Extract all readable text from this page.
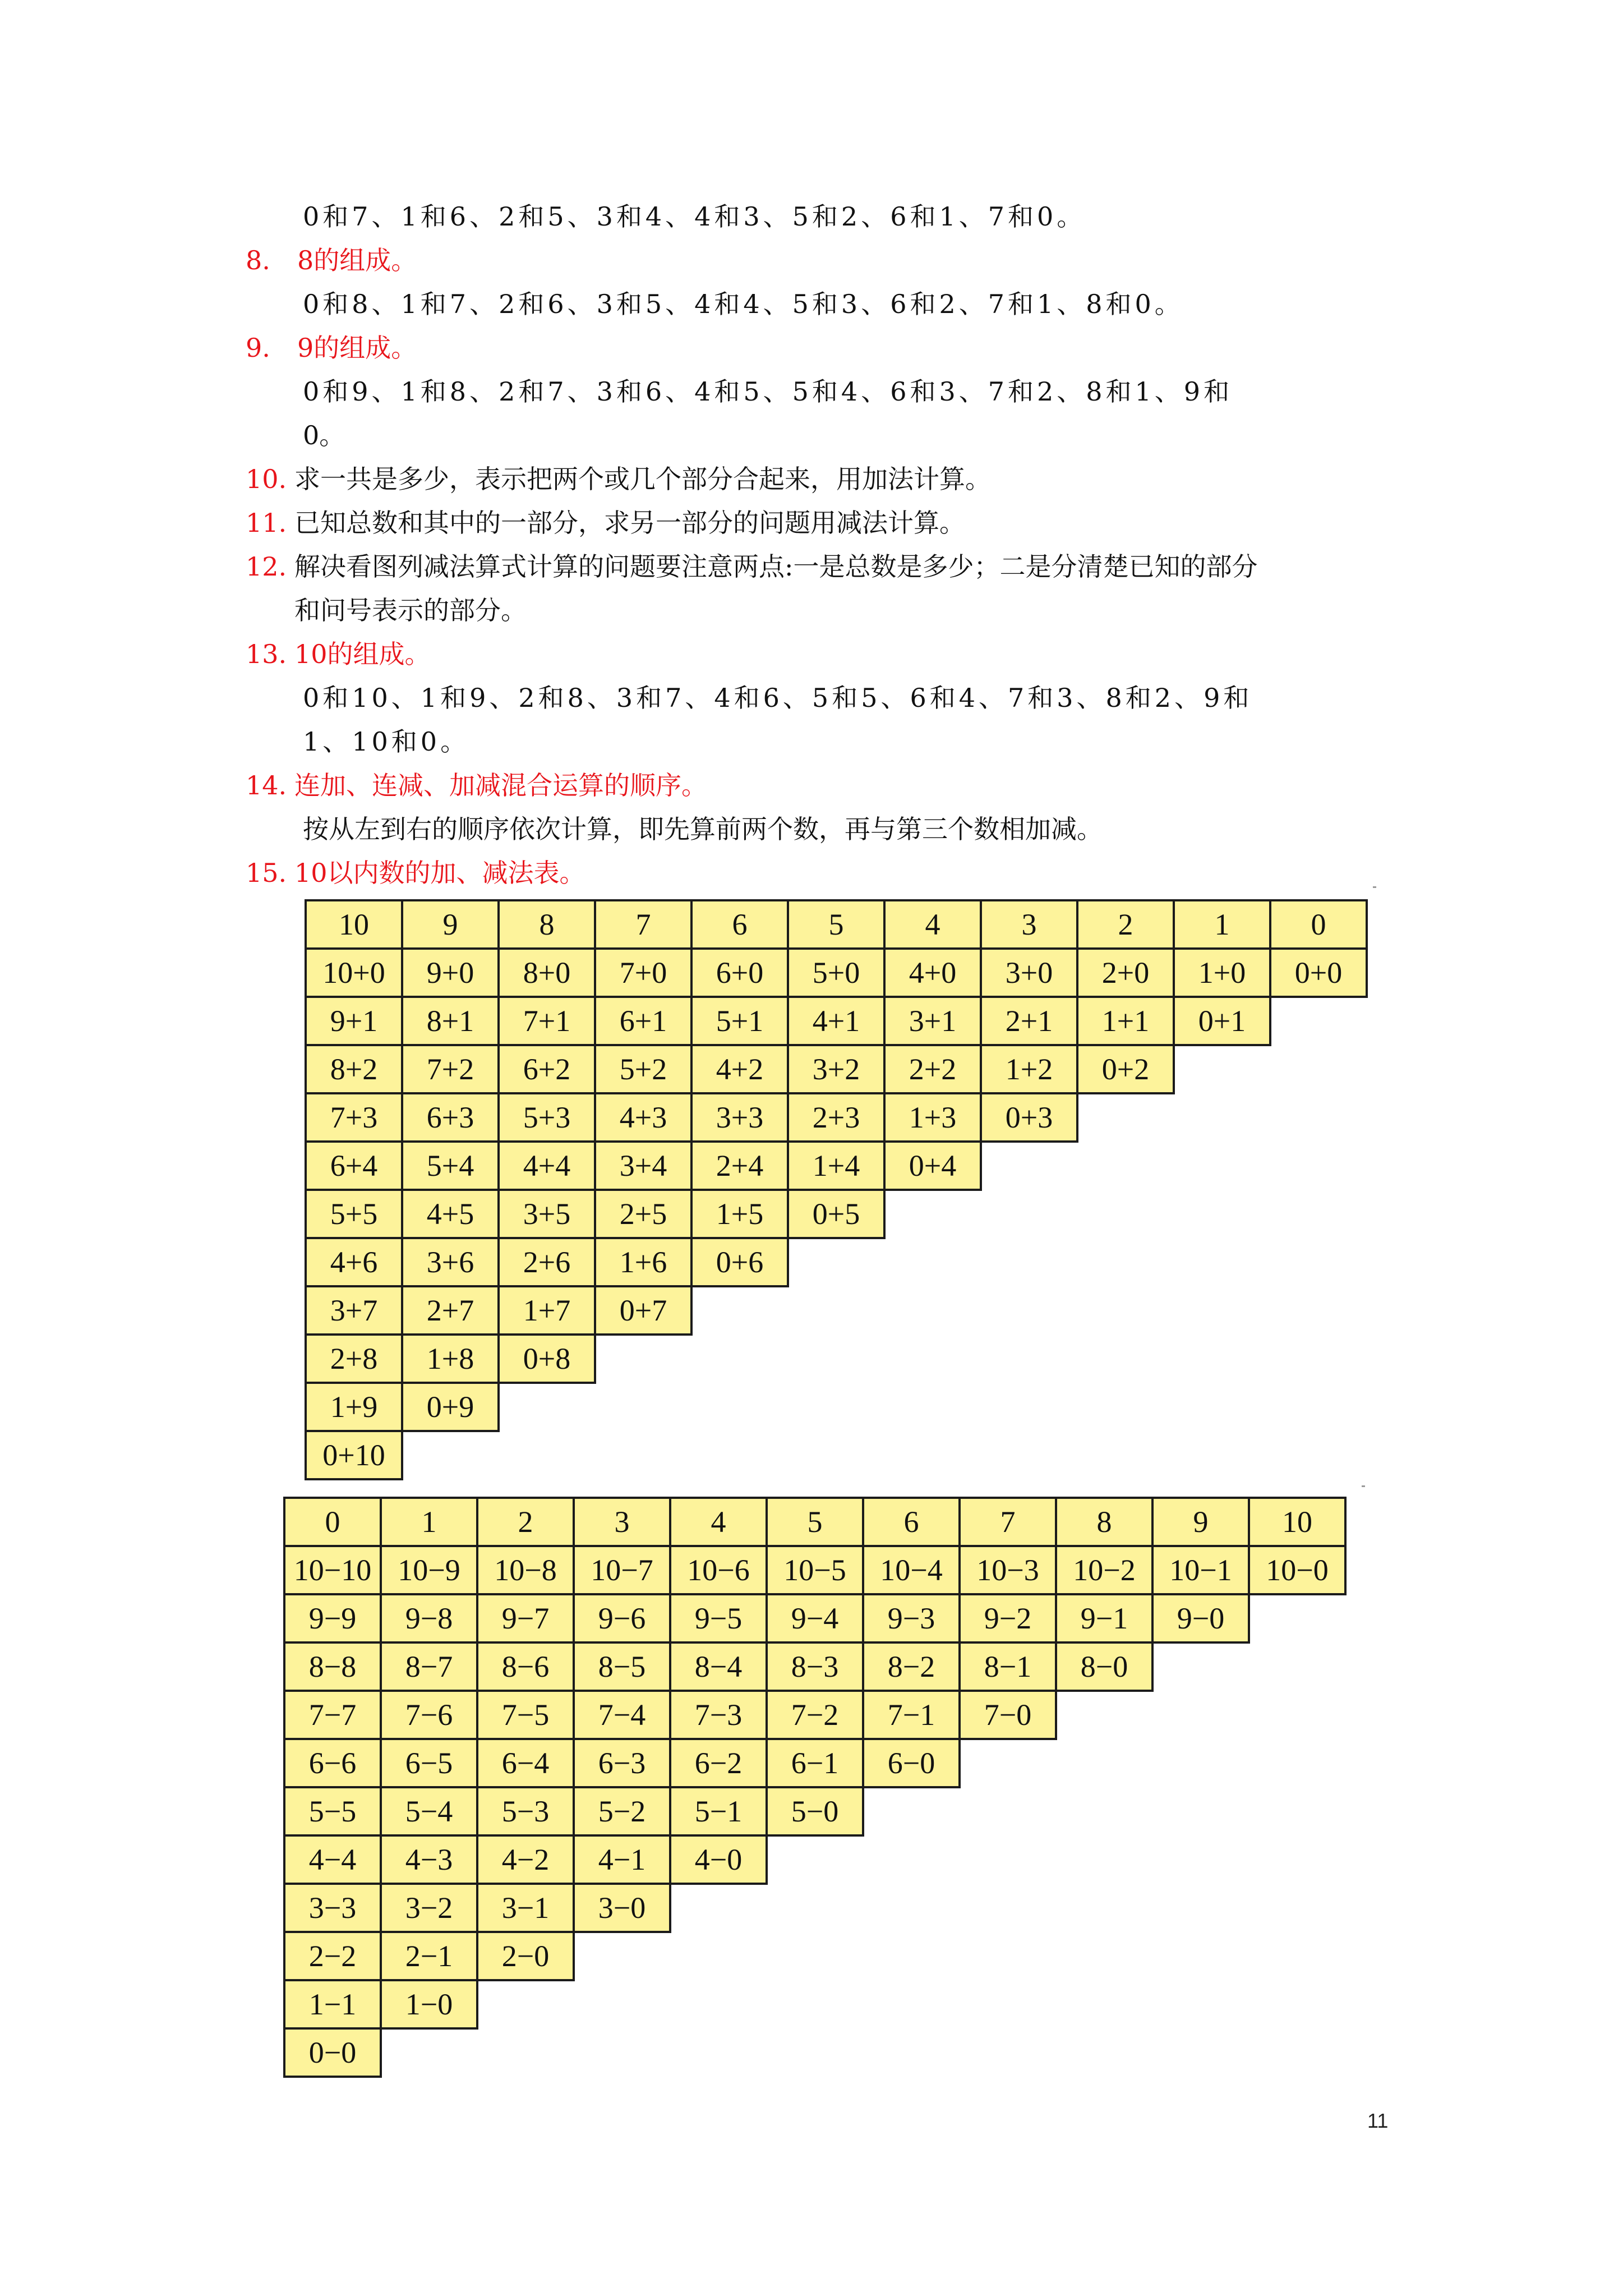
0和7、1和6、2和5、3和4、4和3、5和2、6和1、7和0。
8. 8的组成。
0和8、1和7、2和6、3和5、4和4、5和3、6和2、7和1、8和0。
9. 9的组成。
0和9、1和8、2和7、3和6、4和5、5和4、6和3、7和2、8和1、9和
0。
10. 求一共是多少，表示把两个或几个部分合起来，用加法计算。
11. 已知总数和其中的一部分，求另一部分的问题用减法计算。
12. 解决看图列减法算式计算的问题要注意两点:一是总数是多少；二是分清楚已知的部分
和问号表示的部分。
13. 10的组成。
0和10、1和9、2和8、3和7、4和6、5和5、6和4、7和3、8和2、9和
1、10和0。
14. 连加、连减、加减混合运算的顺序。
按从左到右的顺序依次计算，即先算前两个数，再与第三个数相加减。
15. 10以内数的加、减法表。
10	9	8	7	6	5	4	3	2	1	0
10+0	9+0	8+0	7+0	6+0	5+0	4+0	3+0	2+0	1+0	0+0
9+1	8+1	7+1	6+1	5+1	4+1	3+1	2+1	1+1	0+1
8+2	7+2	6+2	5+2	4+2	3+2	2+2	1+2	0+2
7+3	6+3	5+3	4+3	3+3	2+3	1+3	0+3
6+4	5+4	4+4	3+4	2+4	1+4	0+4
5+5	4+5	3+5	2+5	1+5	0+5
4+6	3+6	2+6	1+6	0+6
3+7	2+7	1+7	0+7
2+8	1+8	0+8
1+9	0+9
0+10
0	1	2	3	4	5	6	7	8	9	10
10−10 10−9	10−8	10−7	10−6	10−5	10−4	10−3	10−2	10−1	10−0
9−9	9−8	9−7	9−6	9−5	9−4	9−3	9−2	9−1	9−0
8−8	8−7	8−6	8−5	8−4	8−3	8−2	8−1	8−0
7−7	7−6	7−5	7−4	7−3	7−2	7−1	7−0
6−6	6−5	6−4	6−3	6−2	6−1	6−0
5−5	5−4	5−3	5−2	5−1	5−0
4−4	4−3	4−2	4−1	4−0
3−3	3−2	3−1	3−0
2−2	2−1	2−0
1−1	1−0
0−0
11
